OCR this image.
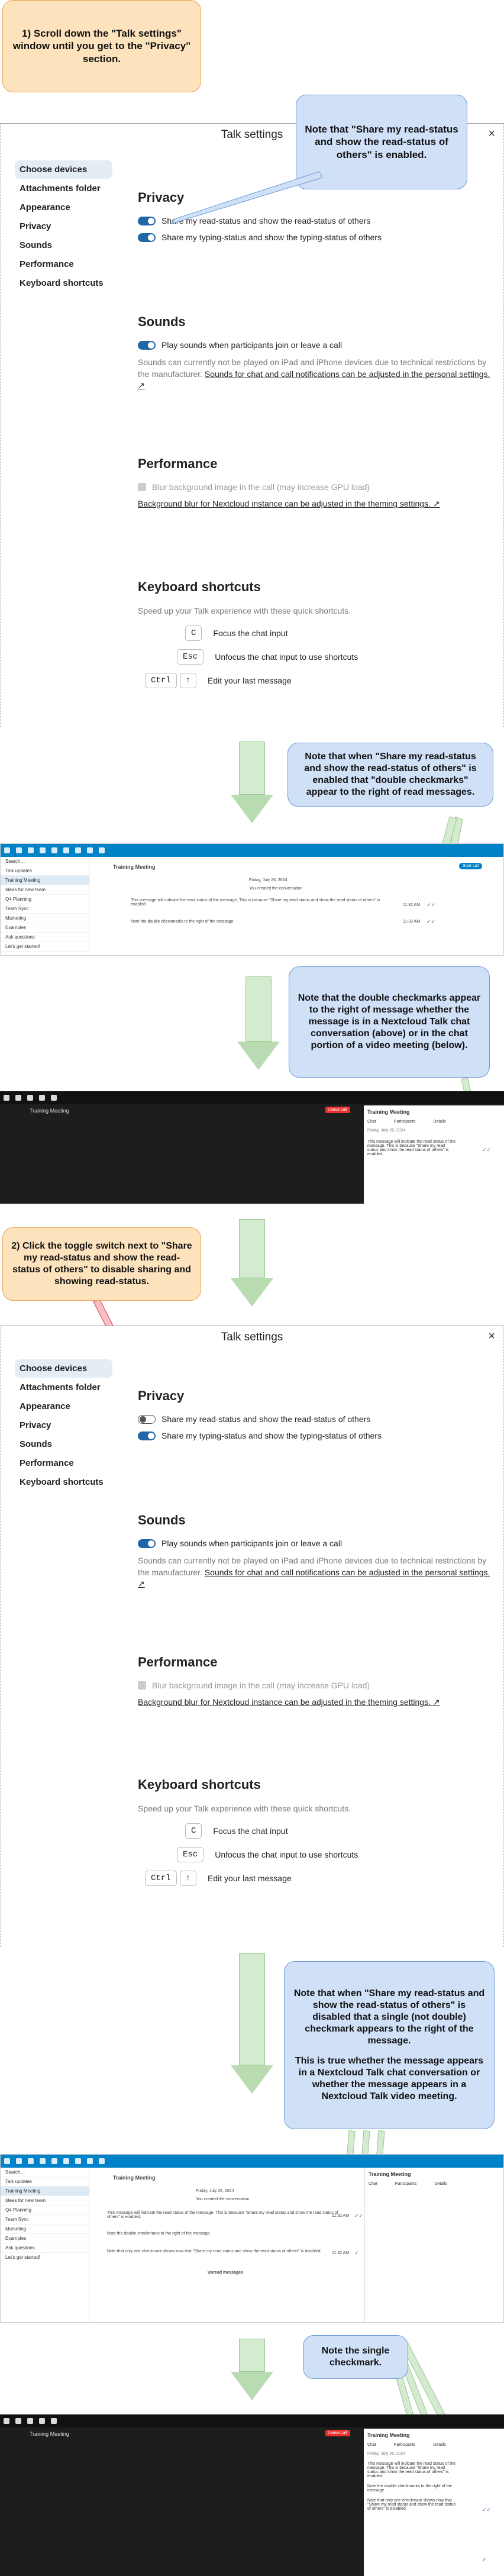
1) Scroll down the "Talk settings" window until you get to the "Privacy" section.
Talk settings	×
Choose devices
Attachments folder
Appearance
Privacy
Sounds
Performance
Keyboard shortcuts
Privacy
Share my read-status and show the read-status of others
Share my typing-status and show the typing-status of others
Sounds
Play sounds when participants join or leave a call
Sounds can currently not be played on iPad and iPhone devices due to technical restrictions by the manufacturer. Sounds for chat and call notifications can be adjusted in the personal settings. ↗
Performance
Blur background image in the call (may increase GPU load)
Background blur for Nextcloud instance can be adjusted in the theming settings. ↗
Keyboard shortcuts
Speed up your Talk experience with these quick shortcuts.
C	Focus the chat input
Esc	Unfocus the chat input to use shortcuts
Ctrl	↑	Edit your last message
Note that "Share my read-status and show the read-status of others" is enabled.
Note that when "Share my read-status and show the read-status of others" is enabled that "double checkmarks" appear to the right of read messages.
Search…
Talk updates
Training Meeting
Ideas for new team
Q4 Planning
Team Sync
Marketing
Examples
Ask questions
Let's get started!
Training Meeting	Start call
Friday, July 26, 2024
You created the conversation
This message will indicate the read status of the message. This is because "Share my read status and show the read status of others" is enabled.
Note the double checkmarks to the right of the message.
11:32 AM ✓✓
11:32 AM ✓✓
Note that the double checkmarks appear to the right of message whether the message is in a Nextcloud Talk chat conversation (above) or in the chat portion of a video meeting (below).
Training Meeting	Leave call	Training Meeting
Chat	Participants	Details
Friday, July 26, 2024
This message will indicate the read status of the message. This is because "Share my read status and show the read status of others" is enabled.
✓✓
2) Click the toggle switch next to "Share my read-status and show the read-status of others" to disable sharing and showing read-status.
Talk settings	×
Choose devices
Attachments folder
Appearance
Privacy
Sounds
Performance
Keyboard shortcuts
Privacy
Share my read-status and show the read-status of others
Share my typing-status and show the typing-status of others
Sounds
Play sounds when participants join or leave a call
Sounds can currently not be played on iPad and iPhone devices due to technical restrictions by the manufacturer. Sounds for chat and call notifications can be adjusted in the personal settings. ↗
Performance
Blur background image in the call (may increase GPU load)
Background blur for Nextcloud instance can be adjusted in the theming settings. ↗
Keyboard shortcuts
Speed up your Talk experience with these quick shortcuts.
C	Focus the chat input
Esc	Unfocus the chat input to use shortcuts
Ctrl	↑	Edit your last message
Note that when "Share my read-status and show the read-status of others" is disabled that a single (not double) checkmark appears to the right of the message.
This is true whether the message appears in a Nextcloud Talk chat conversation or whether the message appears in a Nextcloud Talk video meeting.
Search…
Talk updates
Training Meeting
Ideas for new team
Q4 Planning
Team Sync
Marketing
Examples
Ask questions
Let's get started!
Training Meeting
Friday, July 26, 2024
You created the conversation
This message will indicate the read status of the message. This is because "Share my read status and show the read status of others" is enabled.
Note the double checkmarks to the right of the message.
Note that only one checkmark shows now that "Share my read status and show the read status of others" is disabled.
Unread messages
11:32 AM ✓✓
11:32 AM ✓
Training Meeting
Chat	Participants	Details
Note the single checkmark.
Training Meeting	Leave call	Training Meeting
Chat	Participants	Details
Friday, July 26, 2024
This message will indicate the read status of the message. This is because "Share my read status and show the read status of others" is enabled.
Note the double checkmarks to the right of the message.
Note that only one checkmark shows now that "Share my read status and show the read status of others" is disabled.	✓✓
✓
